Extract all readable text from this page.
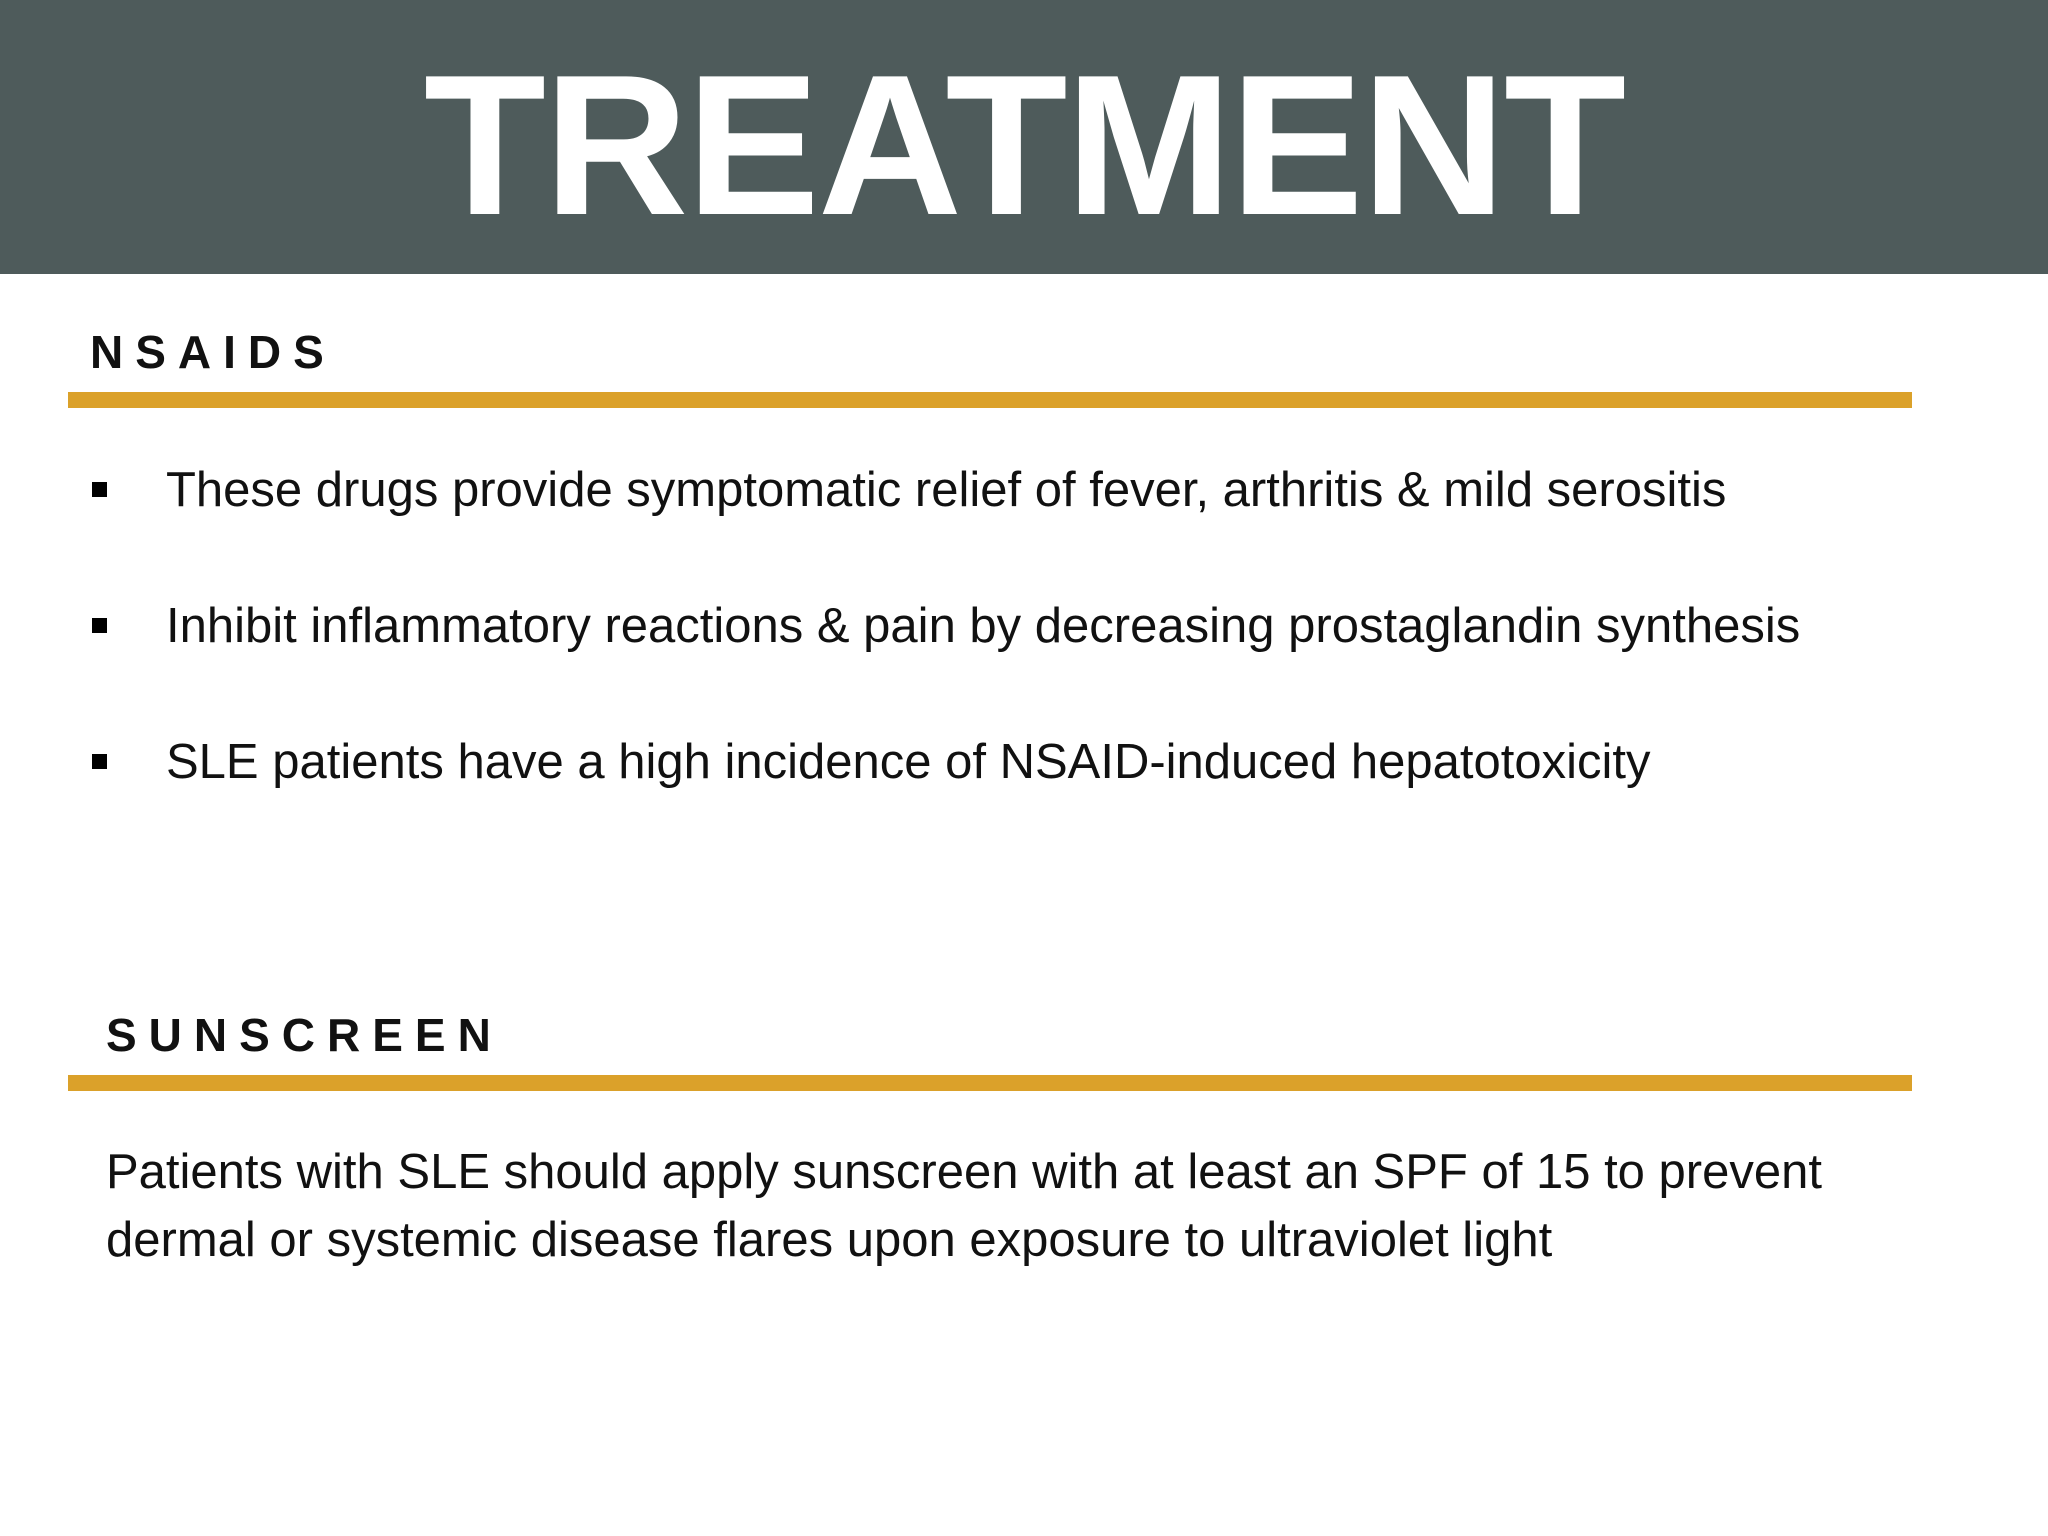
TREATMENT
NSAIDS
These drugs provide symptomatic relief of fever, arthritis & mild serositis
Inhibit inflammatory reactions & pain by decreasing prostaglandin synthesis
SLE patients have a high incidence of NSAID-induced hepatotoxicity
SUNSCREEN

Patients with SLE should apply sunscreen with at least an SPF of 15 to prevent dermal or systemic disease flares upon exposure to ultraviolet light
